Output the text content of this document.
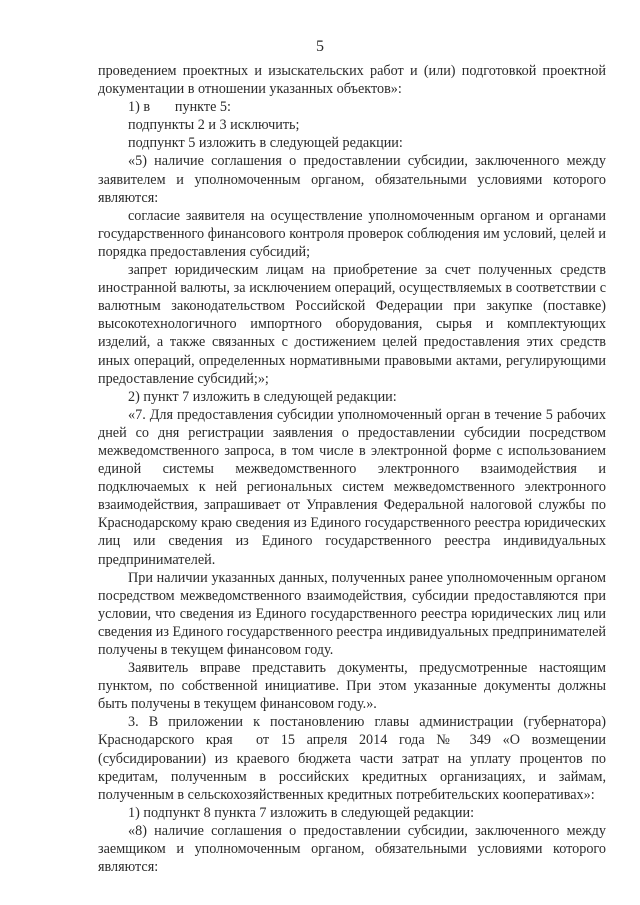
5

проведением проектных и изыскательских работ и (или) подготовкой проектной документации в отношении указанных объектов»:

1) в       пункте 5:

подпункты 2 и 3 исключить;

подпункт 5 изложить в следующей редакции:

«5) наличие соглашения о предоставлении субсидии, заключенного между заявителем и уполномоченным органом, обязательными условиями которого являются:

согласие заявителя на осуществление уполномоченным органом и органами государственного финансового контроля проверок соблюдения им условий, целей и порядка предоставления субсидий;

запрет юридическим лицам на приобретение за счет полученных средств иностранной валюты, за исключением операций, осуществляемых в соответствии с валютным законодательством Российской Федерации при закупке (поставке) высокотехнологичного импортного оборудования, сырья и комплектующих изделий, а также связанных с достижением целей предоставления этих средств иных операций, определенных нормативными правовыми актами, регулирующими предоставление субсидий;»;

2) пункт 7 изложить в следующей редакции:

«7. Для предоставления субсидии уполномоченный орган в течение 5 рабочих дней со дня регистрации заявления о предоставлении субсидии посредством межведомственного запроса, в том числе в электронной форме с использованием единой системы межведомственного электронного взаимодействия и подключаемых к ней региональных систем межведомственного электронного взаимодействия, запрашивает от Управления Федеральной налоговой службы по Краснодарскому краю сведения из Единого государственного реестра юридических лиц или сведения из Единого государственного реестра индивидуальных предпринимателей.

При наличии указанных данных, полученных ранее уполномоченным органом посредством межведомственного взаимодействия, субсидии предоставляются при условии, что сведения из Единого государственного реестра юридических лиц или сведения из Единого государственного реестра индивидуальных предпринимателей получены в текущем финансовом году.

Заявитель вправе представить документы, предусмотренные настоящим пунктом, по собственной инициативе. При этом указанные документы должны быть получены в текущем финансовом году.».

3. В приложении к постановлению главы администрации (губернатора) Краснодарского края  от 15 апреля 2014 года № 349 «О возмещении (субсидировании) из краевого бюджета части затрат на уплату процентов по кредитам, полученным в российских кредитных организациях, и займам, полученным в сельскохозяйственных кредитных потребительских кооперативах»:

1) подпункт 8 пункта 7 изложить в следующей редакции:

«8) наличие соглашения о предоставлении субсидии, заключенного между заемщиком и уполномоченным органом, обязательными условиями которого являются:
